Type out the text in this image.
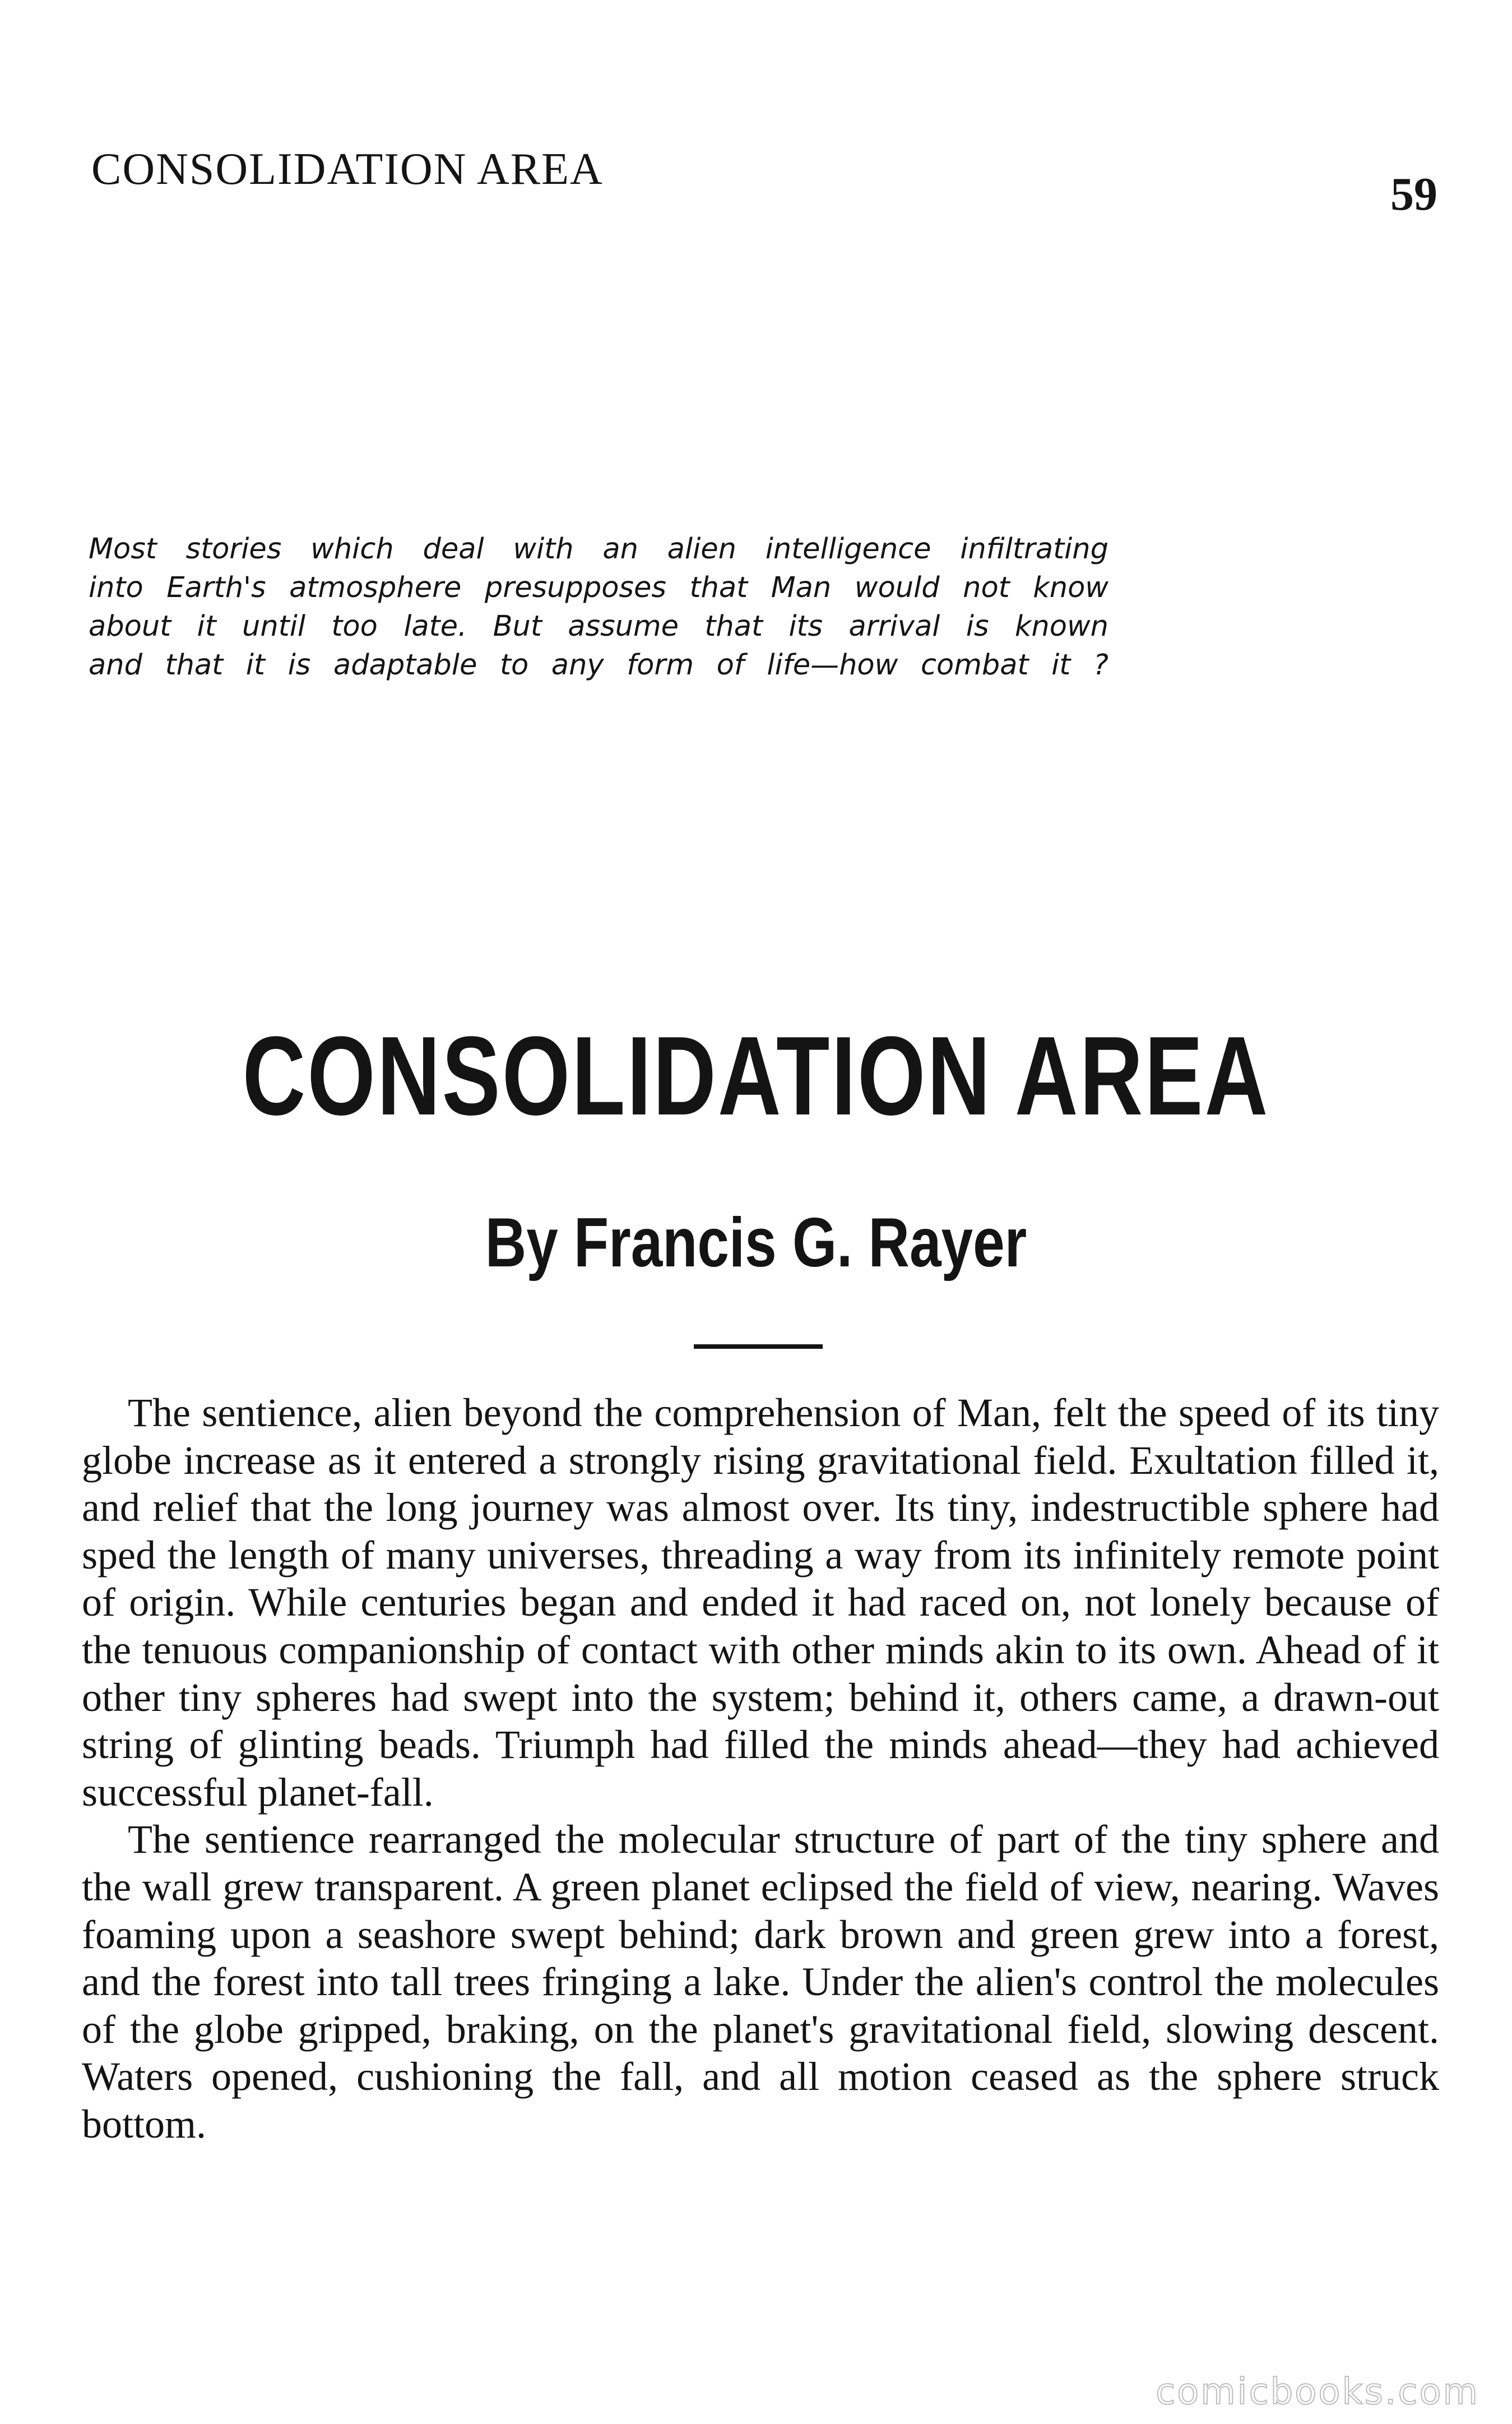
CONSOLIDATION AREA	59
Most stories which deal with an alien intelligence infiltrating
into Earth's atmosphere presupposes that Man would not know
about it until too late. But assume that its arrival is known
and that it is adaptable to any form of life—how combat it ?
CONSOLIDATION AREA
By Francis G. Rayer

The sentience, alien beyond the comprehension of Man, felt the speed of its tiny globe increase as it entered a strongly rising gravitational field. Exultation filled it, and relief that the long journey was almost over. Its tiny, indestructible sphere had sped the length of many universes, threading a way from its infinitely remote point of origin. While centuries began and ended it had raced on, not lonely because of the tenuous companionship of contact with other minds akin to its own. Ahead of it other tiny spheres had swept into the system; behind it, others came, a drawn-out string of glinting beads. Triumph had filled the minds ahead—they had achieved successful planet-fall.

The sentience rearranged the molecular structure of part of the tiny sphere and the wall grew transparent. A green planet eclipsed the field of view, nearing. Waves foaming upon a seashore swept behind; dark brown and green grew into a forest, and the forest into tall trees fringing a lake. Under the alien's control the molecules of the globe gripped, braking, on the planet's gravitational field, slowing descent. Waters opened, cushioning the fall, and all motion ceased as the sphere struck bottom.

comicbooks.com
